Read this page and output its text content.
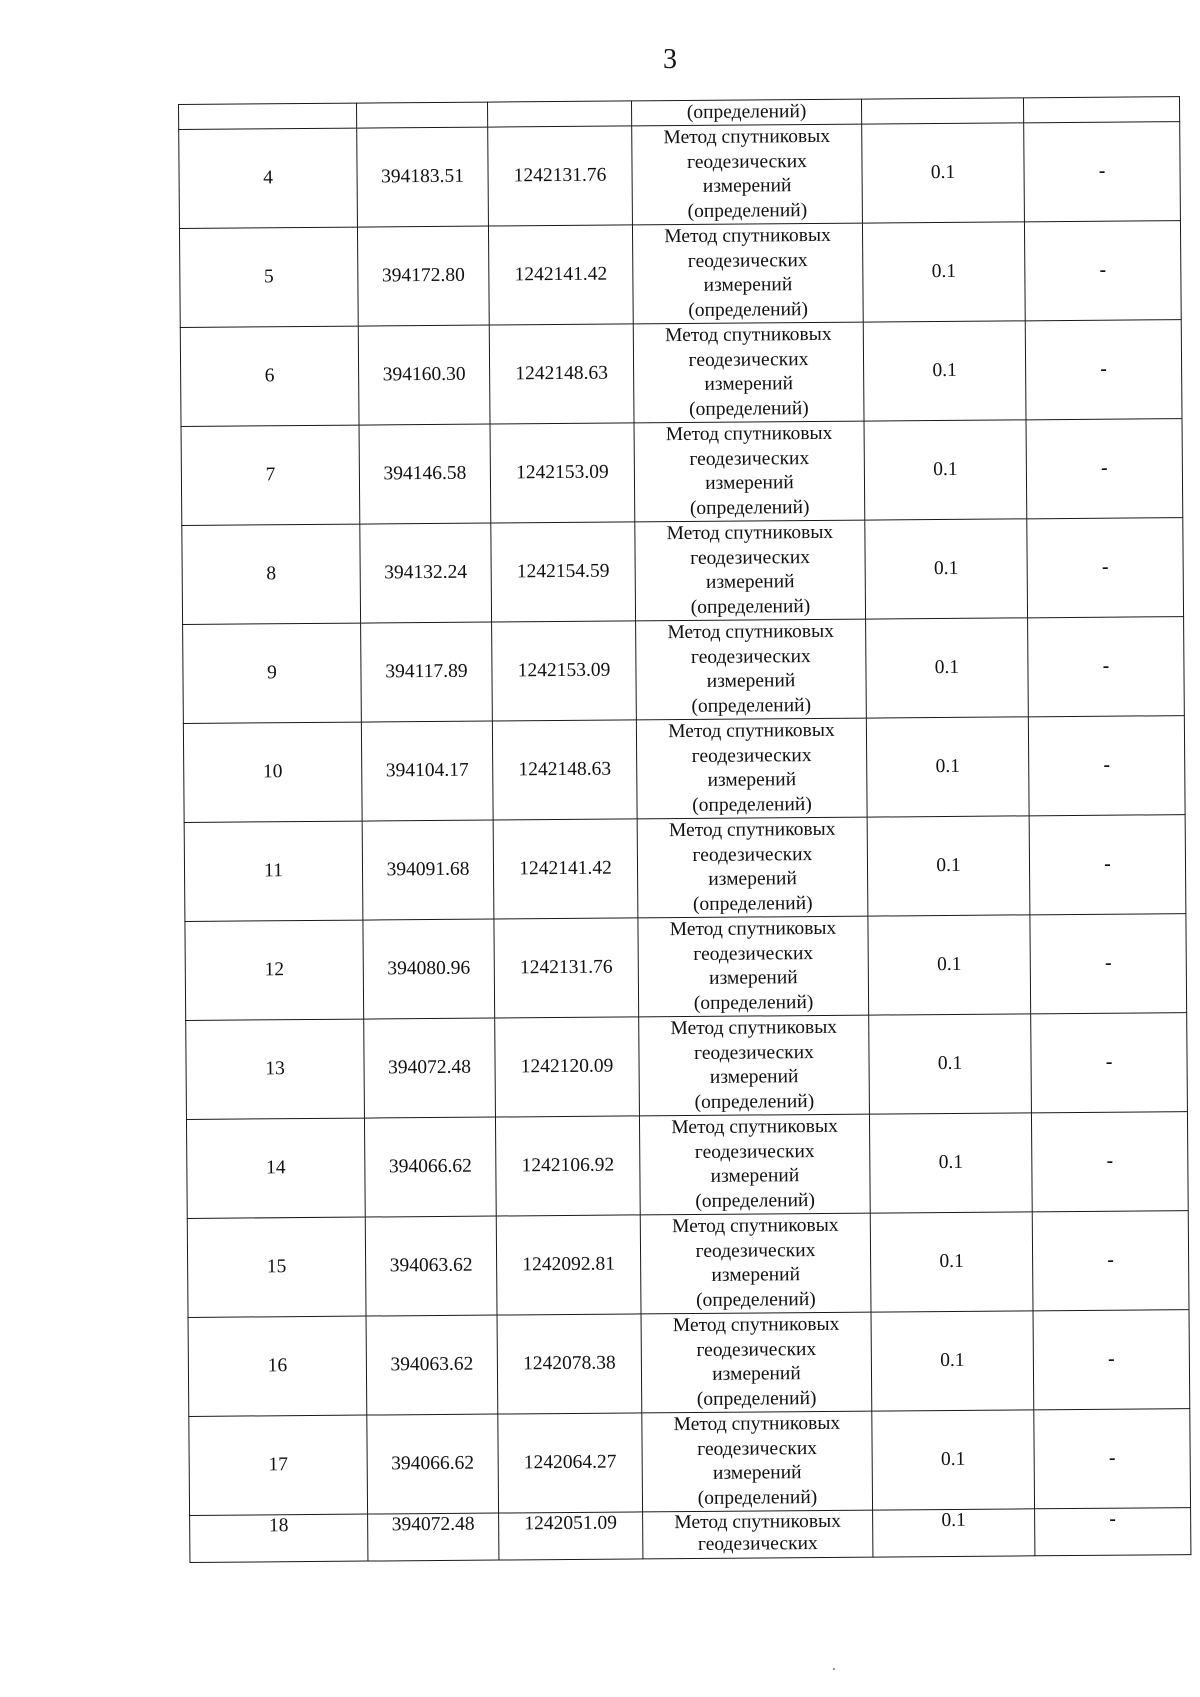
3
			(определений)		
4	394183.51	1242131.76	Метод спутниковых
геодезических
измерений
(определений)	0.1	-
5	394172.80	1242141.42	Метод спутниковых
геодезических
измерений
(определений)	0.1	-
6	394160.30	1242148.63	Метод спутниковых
геодезических
измерений
(определений)	0.1	-
7	394146.58	1242153.09	Метод спутниковых
геодезических
измерений
(определений)	0.1	-
8	394132.24	1242154.59	Метод спутниковых
геодезических
измерений
(определений)	0.1	-
9	394117.89	1242153.09	Метод спутниковых
геодезических
измерений
(определений)	0.1	-
10	394104.17	1242148.63	Метод спутниковых
геодезических
измерений
(определений)	0.1	-
11	394091.68	1242141.42	Метод спутниковых
геодезических
измерений
(определений)	0.1	-
12	394080.96	1242131.76	Метод спутниковых
геодезических
измерений
(определений)	0.1	-
13	394072.48	1242120.09	Метод спутниковых
геодезических
измерений
(определений)	0.1	-
14	394066.62	1242106.92	Метод спутниковых
геодезических
измерений
(определений)	0.1	-
15	394063.62	1242092.81	Метод спутниковых
геодезических
измерений
(определений)	0.1	-
16	394063.62	1242078.38	Метод спутниковых
геодезических
измерений
(определений)	0.1	-
17	394066.62	1242064.27	Метод спутниковых
геодезических
измерений
(определений)	0.1	-
18	394072.48	1242051.09	Метод спутниковых
геодезических	0.1	-
